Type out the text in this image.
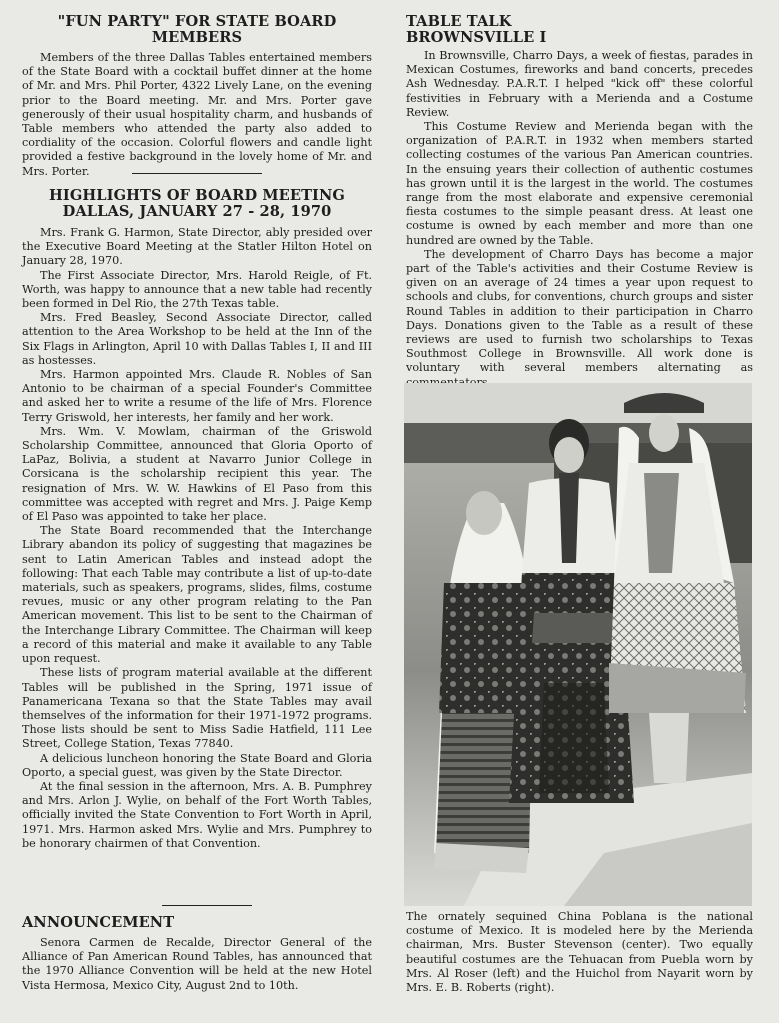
"FUN PARTY" FOR STATE BOARD MEMBERS

Members of the three Dallas Tables entertained members of the State Board with a cocktail buffet dinner at the home of Mr. and Mrs. Phil Porter, 4322 Lively Lane, on the evening prior to the Board meeting. Mr. and Mrs. Porter gave generously of their usual hospitality charm, and husbands of Table members who attended the party also added to cordiality of the occasion. Colorful flowers and candle light provided a festive background in the lovely home of Mr. and Mrs. Porter.

HIGHLIGHTS OF BOARD MEETING
DALLAS, JANUARY 27 - 28, 1970

Mrs. Frank G. Harmon, State Director, ably presided over the Executive Board Meeting at the Statler Hilton Hotel on January 28, 1970.

The First Associate Director, Mrs. Harold Reigle, of Ft. Worth, was happy to announce that a new table had recently been formed in Del Rio, the 27th Texas table.

Mrs. Fred Beasley, Second Associate Director, called attention to the Area Workshop to be held at the Inn of the Six Flags in Arlington, April 10 with Dallas Tables I, II and III as hostesses.

Mrs. Harmon appointed Mrs. Claude R. Nobles of San Antonio to be chairman of a special Founder's Committee and asked her to write a resume of the life of Mrs. Florence Terry Griswold, her interests, her family and her work.

Mrs. Wm. V. Mowlam, chairman of the Griswold Scholarship Committee, announced that Gloria Oporto of LaPaz, Bolivia, a student at Navarro Junior College in Corsicana is the scholarship recipient this year. The resignation of Mrs. W. W. Hawkins of El Paso from this committee was accepted with regret and Mrs. J. Paige Kemp of El Paso was appointed to take her place.

The State Board recommended that the Interchange Library abandon its policy of suggesting that magazines be sent to Latin American Tables and instead adopt the following: That each Table may contribute a list of up-to-date materials, such as speakers, programs, slides, films, costume revues, music or any other program relating to the Pan American movement. This list to be sent to the Chairman of the Interchange Library Committee. The Chairman will keep a record of this material and make it available to any Table upon request.

These lists of program material available at the different Tables will be published in the Spring, 1971 issue of Panamericana Texana so that the State Tables may avail themselves of the information for their 1971-1972 programs. Those lists should be sent to Miss Sadie Hatfield, 111 Lee Street, College Station, Texas 77840.

A delicious luncheon honoring the State Board and Gloria Oporto, a special guest, was given by the State Director.

At the final session in the afternoon, Mrs. A. B. Pumphrey and Mrs. Arlon J. Wylie, on behalf of the Fort Worth Tables, officially invited the State Convention to Fort Worth in April, 1971. Mrs. Harmon asked Mrs. Wylie and Mrs. Pumphrey to be honorary chairmen of that Convention.

ANNOUNCEMENT

Senora Carmen de Recalde, Director General of the Alliance of Pan American Round Tables, has announced that the 1970 Alliance Convention will be held at the new Hotel Vista Hermosa, Mexico City, August 2nd to 10th.

TABLE TALK
BROWNSVILLE I

In Brownsville, Charro Days, a week of fiestas, parades in Mexican Costumes, fireworks and band concerts, precedes Ash Wednesday. P.A.R.T. I helped "kick off" these colorful festivities in February with a Merienda and a Costume Review.

This Costume Review and Merienda began with the organization of P.A.R.T. in 1932 when members started collecting costumes of the various Pan American countries. In the ensuing years their collection of authentic costumes has grown until it is the largest in the world. The costumes range from the most elaborate and expensive ceremonial fiesta costumes to the simple peasant dress. At least one costume is owned by each member and more than one hundred are owned by the Table.

The development of Charro Days has become a major part of the Table's activities and their Costume Review is given on an average of 24 times a year upon request to schools and clubs, for conventions, church groups and sister Round Tables in addition to their participation in Charro Days. Donations given to the Table as a result of these reviews are used to furnish two scholarships to Texas Southmost College in Brownsville. All work done is voluntary with several members alternating as

The ornately sequined China Poblana is the national costume of Mexico. It is modeled here by the Merienda chairman, Mrs. Buster Stevenson (center). Two equally beautiful costumes are the Tehuacan from Puebla worn by Mrs. Al Roser (left) and the Huichol from Nayarit worn by Mrs. E. B. Roberts (right).
